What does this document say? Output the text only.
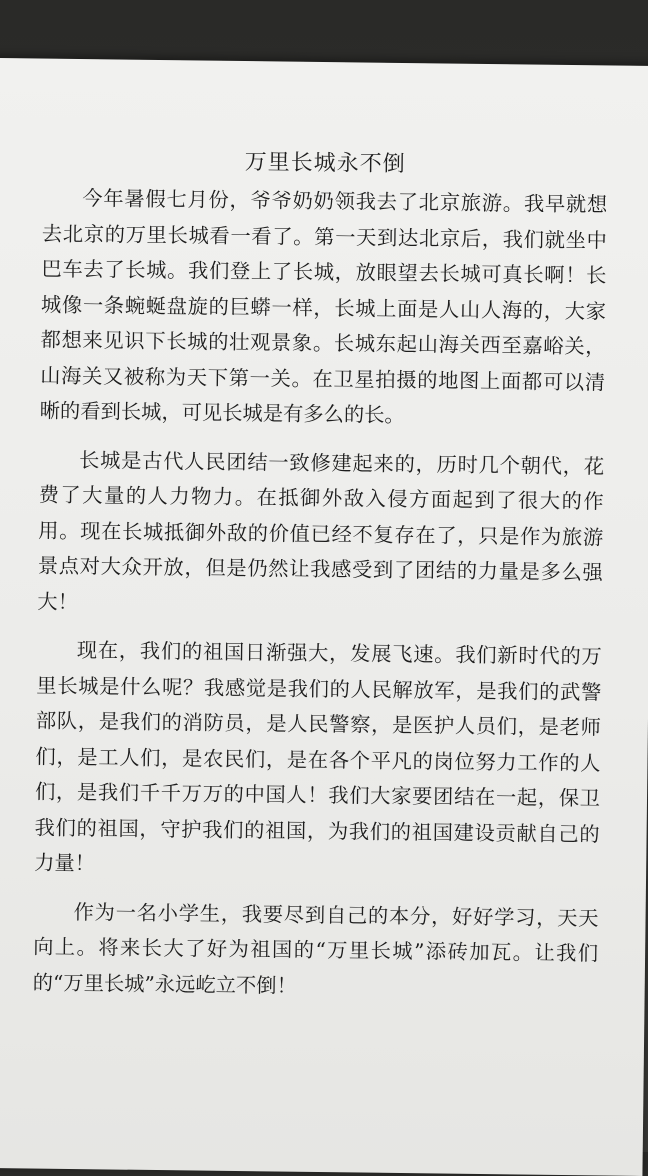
万里长城永不倒

今年暑假七月份，爷爷奶奶领我去了北京旅游。我早就想去北京的万里长城看一看了。第一天到达北京后，我们就坐中巴车去了长城。我们登上了长城，放眼望去长城可真长啊！长城像一条蜿蜒盘旋的巨蟒一样，长城上面是人山人海的，大家都想来见识下长城的壮观景象。长城东起山海关西至嘉峪关，山海关又被称为天下第一关。在卫星拍摄的地图上面都可以清晰的看到长城，可见长城是有多么的长。

长城是古代人民团结一致修建起来的，历时几个朝代，花费了大量的人力物力。在抵御外敌入侵方面起到了很大的作用。现在长城抵御外敌的价值已经不复存在了，只是作为旅游景点对大众开放，但是仍然让我感受到了团结的力量是多么强大！

现在，我们的祖国日渐强大，发展飞速。我们新时代的万里长城是什么呢？我感觉是我们的人民解放军，是我们的武警部队，是我们的消防员，是人民警察，是医护人员们，是老师们，是工人们，是农民们，是在各个平凡的岗位努力工作的人们，是我们千千万万的中国人！我们大家要团结在一起，保卫我们的祖国，守护我们的祖国，为我们的祖国建设贡献自己的力量！

作为一名小学生，我要尽到自己的本分，好好学习，天天向上。将来长大了好为祖国的“万里长城”添砖加瓦。让我们的“万里长城”永远屹立不倒！
